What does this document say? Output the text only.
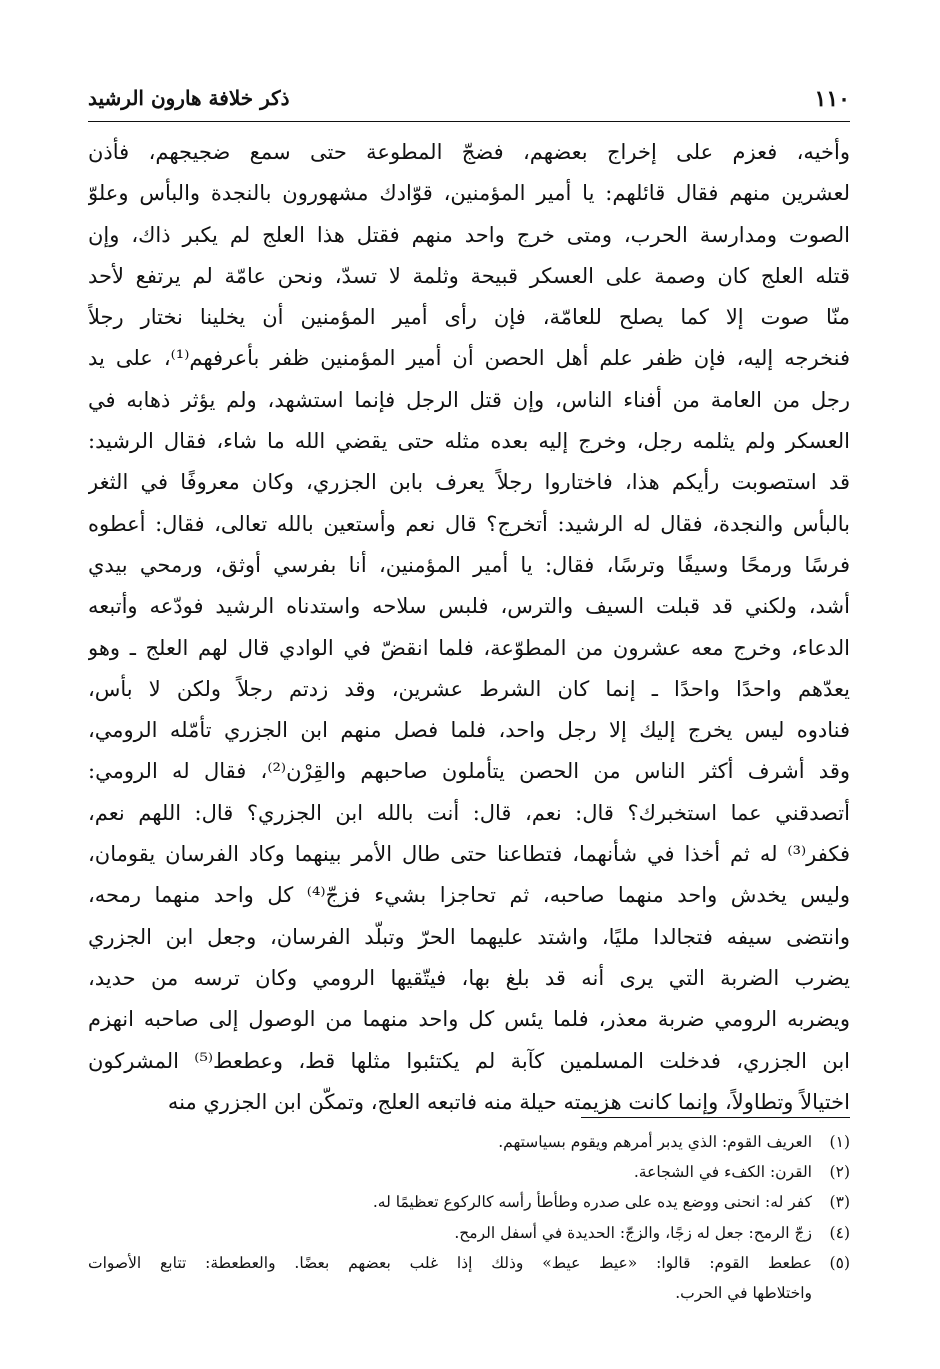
١١٠
ذكر خلافة هارون الرشيد
وأخيه، فعزم على إخراج بعضهم، فضجّ المطوعة حتى سمع ضجيجهم، فأذن
لعشرين منهم فقال قائلهم: يا أمير المؤمنين، قوّادك مشهورون بالنجدة والبأس وعلوّ
الصوت ومدارسة الحرب، ومتى خرج واحد منهم فقتل هذا العلج لم يكبر ذاك، وإن
قتله العلج كان وصمة على العسكر قبيحة وثلمة لا تسدّ، ونحن عامّة لم يرتفع لأحد
منّا صوت إلا كما يصلح للعامّة، فإن رأى أمير المؤمنين أن يخلينا نختار رجلاً
فنخرجه إليه، فإن ظفر علم أهل الحصن أن أمير المؤمنين ظفر بأعرفهم⁽¹⁾، على يد
رجل من العامة من أفناء الناس، وإن قتل الرجل فإنما استشهد، ولم يؤثر ذهابه في
العسكر ولم يثلمه رجل، وخرج إليه بعده مثله حتى يقضي الله ما شاء، فقال الرشيد:
قد استصوبت رأيكم هذا، فاختاروا رجلاً يعرف بابن الجزري، وكان معروفًا في الثغر
بالبأس والنجدة، فقال له الرشيد: أتخرج؟ قال نعم وأستعين بالله تعالى، فقال: أعطوه
فرسًا ورمحًا وسيفًا وترسًا، فقال: يا أمير المؤمنين، أنا بفرسي أوثق، ورمحي بيدي
أشد، ولكني قد قبلت السيف والترس، فلبس سلاحه واستدناه الرشيد فودّعه وأتبعه
الدعاء، وخرج معه عشرون من المطوّعة، فلما انقضّ في الوادي قال لهم العلج ـ وهو
يعدّهم واحدًا واحدًا ـ إنما كان الشرط عشرين، وقد زدتم رجلاً ولكن لا بأس،
فنادوه ليس يخرج إليك إلا رجل واحد، فلما فصل منهم ابن الجزري تأمّله الرومي،
وقد أشرف أكثر الناس من الحصن يتأملون صاحبهم والقِرْن⁽²⁾، فقال له الرومي:
أتصدقني عما استخبرك؟ قال: نعم، قال: أنت بالله ابن الجزري؟ قال: اللهم نعم،
فكفر⁽³⁾ له ثم أخذا في شأنهما، فتطاعنا حتى طال الأمر بينهما وكاد الفرسان يقومان،
وليس يخدش واحد منهما صاحبه، ثم تحاجزا بشيء فزجّ⁽⁴⁾ كل واحد منهما رمحه،
وانتضى سيفه فتجالدا مليًا، واشتد عليهما الحرّ وتبلّد الفرسان، وجعل ابن الجزري
يضرب الضربة التي يرى أنه قد بلغ بها، فيتّقيها الرومي وكان ترسه من حديد،
ويضربه الرومي ضربة معذر، فلما يئس كل واحد منهما من الوصول إلى صاحبه انهزم
ابن الجزري، فدخلت المسلمين كآبة لم يكتئبوا مثلها قط، وعطعط⁽⁵⁾ المشركون
اختيالاً وتطاولاً، وإنما كانت هزيمته حيلة منه فاتبعه العلج، وتمكّن ابن الجزري منه
(١)
العريف القوم: الذي يدبر أمرهم ويقوم بسياستهم.
(٢)
القرن: الكفء في الشجاعة.
(٣)
كفر له: انحنى ووضع يده على صدره وطأطأ رأسه كالركوع تعظيمًا له.
(٤)
زجّ الرمح: جعل له زجًا، والزجّ: الحديدة في أسفل الرمح.
(٥)
عطعط القوم: قالوا: «عيط عيط» وذلك إذا غلب بعضهم بعضًا. والعطعطة: تتابع الأصوات
واختلاطها في الحرب.
